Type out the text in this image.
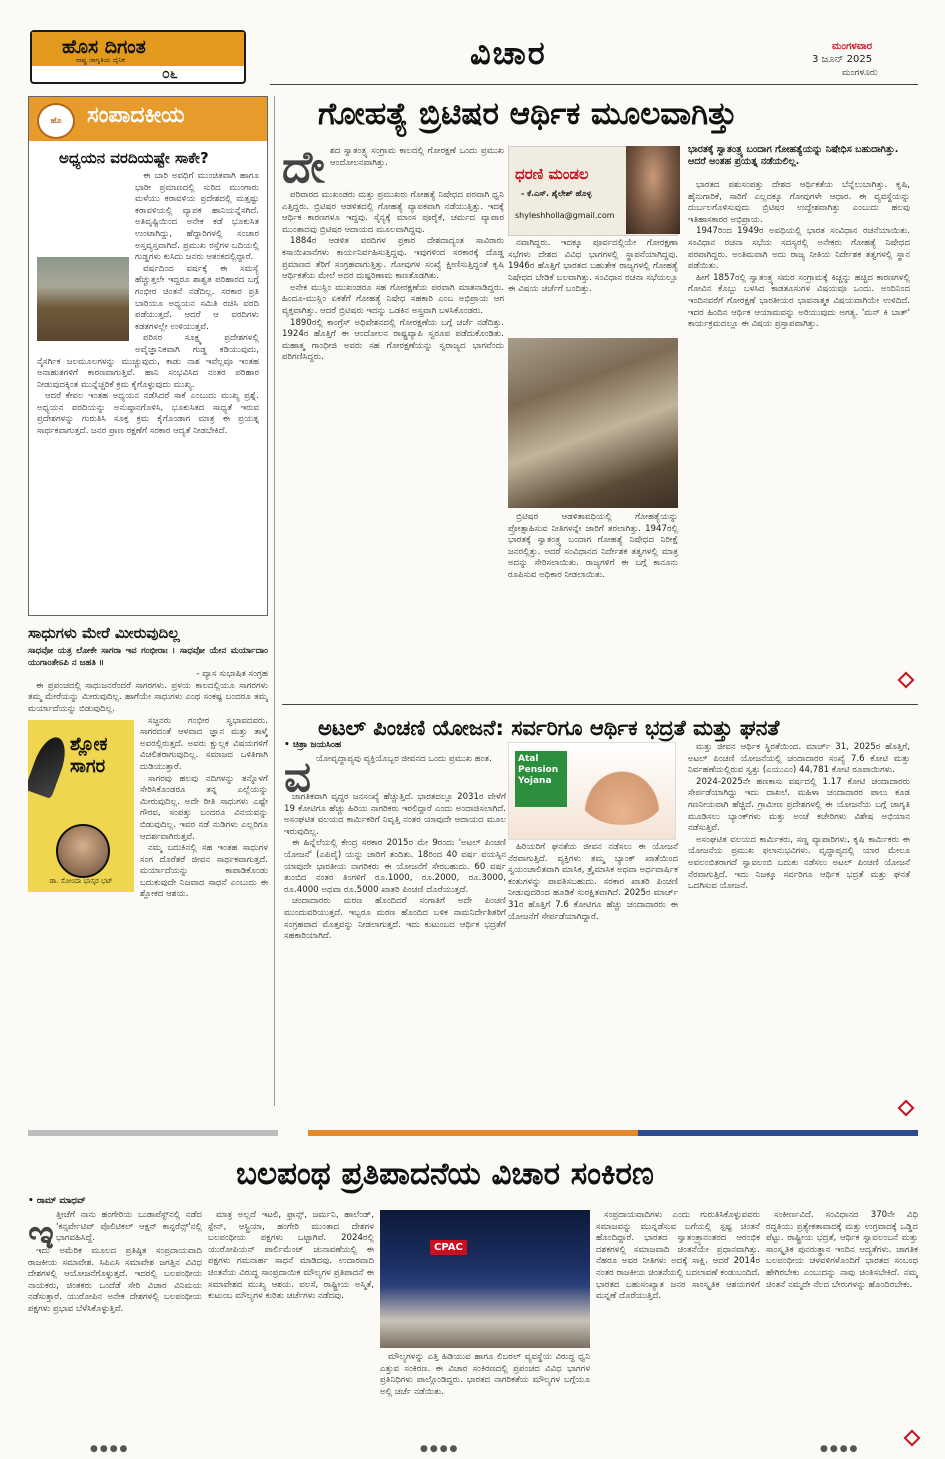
ಹೊಸ ದಿಗಂತ
ರಾಷ್ಟ್ರ ಜಾಗೃತಿಯ ದೈನಿಕ
೦೬
ವಿಚಾರ	ಮಂಗಳವಾರ
3 ಜೂನ್ 2025
ಮಂಗಳೂರು
ಹೊ	ಸಂಪಾದಕೀಯ
ಅಧ್ಯಯನ ವರದಿಯಷ್ಟೇ ಸಾಕೇ?

ಈ ಬಾರಿ ಅವಧಿಗೆ ಮುಂಚಿತವಾಗಿ ಹಾಗೂ ಭಾರೀ ಪ್ರಮಾಣದಲ್ಲಿ ಸುರಿದ ಮುಂಗಾರು ಮಳೆಯು ಕರಾವಳಿಯ ಪ್ರದೇಶದಲ್ಲಿ ಮತ್ತಷ್ಟು ಕರಾವಳಿಯಲ್ಲಿ ವ್ಯಾಪಕ ಹಾನಿಯನ್ನೆಸಗಿದೆ. ಅತಿವೃಷ್ಟಿಯಿಂದ ಅನೇಕ ಕಡೆ ಭೂಕುಸಿತ ಉಂಟಾಗಿದ್ದು, ಹೆದ್ದಾರಿಗಳಲ್ಲಿ ಸಂಚಾರ ಅಸ್ತವ್ಯಸ್ತವಾಗಿದೆ. ಪ್ರಮುಖ ರಸ್ತೆಗಳ ಬದಿಯಲ್ಲಿ ಗುಡ್ಡಗಳು ಕುಸಿದು ಜನರು ಆತಂಕದಲ್ಲಿದ್ದಾರೆ.

ವರ್ಷದಿಂದ ವರ್ಷಕ್ಕೆ ಈ ಸಮಸ್ಯೆ ಹೆಚ್ಚುತ್ತಲೇ ಇದ್ದರೂ ಶಾಶ್ವತ ಪರಿಹಾರದ ಬಗ್ಗೆ ಗಂಭೀರ ಚಿಂತನೆ ನಡೆದಿಲ್ಲ. ಸರಕಾರ ಪ್ರತಿ ಬಾರಿಯೂ ಅಧ್ಯಯನ ಸಮಿತಿ ರಚಿಸಿ ವರದಿ ಪಡೆಯುತ್ತದೆ. ಆದರೆ ಆ ವರದಿಗಳು ಕಡತಗಳಲ್ಲೇ ಉಳಿಯುತ್ತವೆ.

ಪರಿಸರ ಸೂಕ್ಷ್ಮ ಪ್ರದೇಶಗಳಲ್ಲಿ ಅವೈಜ್ಞಾನಿಕವಾಗಿ ಗುಡ್ಡ ಕಡಿಯುವುದು, ನೈಸರ್ಗಿಕ ಜಲಮೂಲಗಳನ್ನು ಮುಚ್ಚುವುದು, ಕಾಡು ನಾಶ ಇವೆಲ್ಲವೂ ಇಂತಹ ಅನಾಹುತಗಳಿಗೆ ಕಾರಣವಾಗುತ್ತಿವೆ. ಹಾನಿ ಸಂಭವಿಸಿದ ನಂತರ ಪರಿಹಾರ ನೀಡುವುದಕ್ಕಿಂತ ಮುನ್ನೆಚ್ಚರಿಕೆ ಕ್ರಮ ಕೈಗೊಳ್ಳುವುದು ಮುಖ್ಯ.

ಆದರೆ ಕೇವಲ ಇಂತಹ ಅಧ್ಯಯನ ನಡೆಸಿದರೆ ಸಾಕೆ ಎಂಬುದು ಮುಖ್ಯ ಪ್ರಶ್ನೆ. ಅಧ್ಯಯನ ವರದಿಯನ್ನು ಅನುಷ್ಠಾನಗೊಳಿಸಿ, ಭೂಕುಸಿತದ ಸಾಧ್ಯತೆ ಇರುವ ಪ್ರದೇಶಗಳನ್ನು ಗುರುತಿಸಿ ಸೂಕ್ತ ಕ್ರಮ ಕೈಗೊಂಡಾಗ ಮಾತ್ರ ಈ ಪ್ರಯತ್ನ ಸಾರ್ಥಕವಾಗುತ್ತದೆ. ಜನರ ಪ್ರಾಣ ರಕ್ಷಣೆಗೆ ಸರಕಾರ ಆದ್ಯತೆ ನೀಡಬೇಕಿದೆ.

ಸಾಧುಗಳು ಮೇರೆ ಮೀರುವುದಿಲ್ಲ

ಸಾಧವೋ ಯತ್ರ ಲೋಕೇ ಸಾಗರಾ ಇವ ಗಂಭೀರಾಃ । ಸಾಧವೋ ಯೇನ ಮರ್ಯಾದಾಂ ಯುಗಾಂತೇಽಪಿ ನ ಜಹತಿ ॥

- ವ್ಯಾಸ ಸುಭಾಷಿತ ಸಂಗ್ರಹ

ಈ ಪ್ರಪಂಚದಲ್ಲಿ ಸಾಧುಜನರೆಂದರೆ ಸಾಗರಗಳು. ಪ್ರಳಯ ಕಾಲದಲ್ಲಿಯೂ ಸಾಗರಗಳು ತಮ್ಮ ಮೇರೆಯನ್ನು ಮೀರುವುದಿಲ್ಲ. ಹಾಗೆಯೇ ಸಾಧುಗಳು ಎಂಥ ಸಂಕಷ್ಟ ಬಂದರೂ ತಮ್ಮ ಮರ್ಯಾದೆಯನ್ನು ಬಿಡುವುದಿಲ್ಲ.

ಶ್ಲೋಕ ಸಾಗರ
ಡಾ. ಸೋಂದಾ ಭಾಸ್ಕರ ಭಟ್

ಸಜ್ಜನರು ಗಂಭೀರ ಸ್ವಭಾವದವರು. ಸಾಗರದಂತೆ ಆಳವಾದ ಜ್ಞಾನ ಮತ್ತು ತಾಳ್ಮೆ ಅವರಲ್ಲಿರುತ್ತದೆ. ಅವರು ಕ್ಷುಲ್ಲಕ ವಿಷಯಗಳಿಗೆ ವಿಚಲಿತರಾಗುವುದಿಲ್ಲ. ಸಮಾಜದ ಒಳಿತಿಗಾಗಿ ದುಡಿಯುತ್ತಾರೆ.

ಸಾಗರವು ಹಲವು ನದಿಗಳನ್ನು ತನ್ನೊಳಗೆ ಸೇರಿಸಿಕೊಂಡರೂ ತನ್ನ ಎಲ್ಲೆಯನ್ನು ಮೀರುವುದಿಲ್ಲ. ಅದೇ ರೀತಿ ಸಾಧುಗಳು ಎಷ್ಟೇ ಗೌರವ, ಸಂಪತ್ತು ಬಂದರೂ ವಿನಯವನ್ನು ಬಿಡುವುದಿಲ್ಲ. ಇವರ ನಡೆ ನುಡಿಗಳು ಎಲ್ಲರಿಗೂ ಆದರ್ಶವಾಗಿರುತ್ತವೆ.

ನಮ್ಮ ಬದುಕಿನಲ್ಲಿ ಸಹ ಇಂತಹ ಸಾಧುಗಳ ಸಂಗ ದೊರೆತರೆ ಜೀವನ ಸಾರ್ಥಕವಾಗುತ್ತದೆ. ಮರ್ಯಾದೆಯನ್ನು ಕಾಪಾಡಿಕೊಂಡು ಬದುಕುವುದೇ ನಿಜವಾದ ಸಾಧನೆ ಎಂಬುದು ಈ ಶ್ಲೋಕದ ಆಶಯ.

ಗೋಹತ್ಯೆ ಬ್ರಿಟಿಷರ ಆರ್ಥಿಕ ಮೂಲವಾಗಿತ್ತು
ದೇ ಶದ ಸ್ವಾತಂತ್ರ್ಯ ಸಂಗ್ರಾಮ ಕಾಲದಲ್ಲಿ ಗೋರಕ್ಷಣೆ ಒಂದು ಪ್ರಮುಖ ಆಂದೋಲನವಾಗಿತ್ತು.

ಪರಿವಾರದ ಮುಖಂಡರು ಮತ್ತು ಪ್ರಮುಖರು ಗೋಹತ್ಯೆ ನಿಷೇಧದ ಪರವಾಗಿ ಧ್ವನಿ ಎತ್ತಿದ್ದರು. ಬ್ರಿಟಿಷರ ಆಡಳಿತದಲ್ಲಿ ಗೋಹತ್ಯೆ ವ್ಯಾಪಕವಾಗಿ ನಡೆಯುತ್ತಿತ್ತು. ಇದಕ್ಕೆ ಆರ್ಥಿಕ ಕಾರಣಗಳೂ ಇದ್ದವು. ಸೈನ್ಯಕ್ಕೆ ಮಾಂಸ ಪೂರೈಕೆ, ಚರ್ಮದ ವ್ಯಾಪಾರ ಮುಂತಾದವು ಬ್ರಿಟಿಷರ ಆದಾಯದ ಮೂಲವಾಗಿದ್ದವು.

1884ರ ಆಡಳಿತ ವರದಿಗಳ ಪ್ರಕಾರ ದೇಶದಾದ್ಯಂತ ಸಾವಿರಾರು ಕಸಾಯಿಖಾನೆಗಳು ಕಾರ್ಯನಿರ್ವಹಿಸುತ್ತಿದ್ದವು. ಇವುಗಳಿಂದ ಸರಕಾರಕ್ಕೆ ದೊಡ್ಡ ಪ್ರಮಾಣದ ತೆರಿಗೆ ಸಂಗ್ರಹವಾಗುತ್ತಿತ್ತು. ಗೋವುಗಳ ಸಂಖ್ಯೆ ಕ್ಷೀಣಿಸುತ್ತಿದ್ದಂತೆ ಕೃಷಿ ಆರ್ಥಿಕತೆಯ ಮೇಲೆ ಅದರ ದುಷ್ಪರಿಣಾಮ ಕಾಣತೊಡಗಿತು.

ಅನೇಕ ಮುಸ್ಲಿಂ ಮುಖಂಡರೂ ಸಹ ಗೋರಕ್ಷಣೆಯ ಪರವಾಗಿ ಮಾತನಾಡಿದ್ದರು. ಹಿಂದೂ-ಮುಸ್ಲಿಂ ಏಕತೆಗೆ ಗೋಹತ್ಯೆ ನಿಷೇಧ ಸಹಕಾರಿ ಎಂಬ ಅಭಿಪ್ರಾಯ ಆಗ ವ್ಯಕ್ತವಾಗಿತ್ತು. ಆದರೆ ಬ್ರಿಟಿಷರು ಇದನ್ನು ಒಡಕಿನ ಅಸ್ತ್ರವಾಗಿ ಬಳಸಿಕೊಂಡರು.

1890ರಲ್ಲಿ ಕಾಂಗ್ರೆಸ್ ಅಧಿವೇಶನದಲ್ಲಿ ಗೋರಕ್ಷಣೆಯ ಬಗ್ಗೆ ಚರ್ಚೆ ನಡೆದಿತ್ತು. 1924ರ ಹೊತ್ತಿಗೆ ಈ ಆಂದೋಲನ ರಾಷ್ಟ್ರವ್ಯಾಪಿ ಸ್ವರೂಪ ಪಡೆದುಕೊಂಡಿತು. ಮಹಾತ್ಮ ಗಾಂಧೀಜಿ ಅವರು ಸಹ ಗೋರಕ್ಷಣೆಯನ್ನು ಸ್ವರಾಜ್ಯದ ಭಾಗವೆಂದು ಪರಿಗಣಿಸಿದ್ದರು.

ಧರಣಿ ಮಂಡಲ
- ಕೆ.ಎಸ್. ಶೈಲೇಶ್ ಹೊಳ್ಳ
shyleshholla@gmail.com

ನವಾಗಿದ್ದರು. ಇದಕ್ಕೂ ಪೂರ್ವದಲ್ಲಿಯೇ ಗೋರಕ್ಷಣಾ ಸಭೆಗಳು ದೇಶದ ವಿವಿಧ ಭಾಗಗಳಲ್ಲಿ ಸ್ಥಾಪನೆಯಾಗಿದ್ದವು. 1946ರ ಹೊತ್ತಿಗೆ ಭಾರತದ ಬಹುತೇಕ ರಾಜ್ಯಗಳಲ್ಲಿ ಗೋಹತ್ಯೆ ನಿಷೇಧದ ಬೇಡಿಕೆ ಬಲವಾಗಿತ್ತು. ಸಂವಿಧಾನ ರಚನಾ ಸಭೆಯಲ್ಲೂ ಈ ವಿಷಯ ಚರ್ಚೆಗೆ ಬಂದಿತ್ತು.

ಬ್ರಿಟಿಷರ ಆಡಳಿತಾವಧಿಯಲ್ಲಿ ಗೋಹತ್ಯೆಯನ್ನು ಪ್ರೋತ್ಸಾಹಿಸುವ ನೀತಿಗಳನ್ನೇ ಜಾರಿಗೆ ತರಲಾಗಿತ್ತು. 1947ರಲ್ಲಿ ಭಾರತಕ್ಕೆ ಸ್ವಾತಂತ್ರ್ಯ ಬಂದಾಗ ಗೋಹತ್ಯೆ ನಿಷೇಧದ ನಿರೀಕ್ಷೆ ಜನರಲ್ಲಿತ್ತು. ಆದರೆ ಸಂವಿಧಾನದ ನಿರ್ದೇಶಕ ತತ್ವಗಳಲ್ಲಿ ಮಾತ್ರ ಅದನ್ನು ಸೇರಿಸಲಾಯಿತು. ರಾಜ್ಯಗಳಿಗೆ ಈ ಬಗ್ಗೆ ಕಾನೂನು ರೂಪಿಸುವ ಅಧಿಕಾರ ನೀಡಲಾಯಿತು.

ಭಾರತಕ್ಕೆ ಸ್ವಾತಂತ್ರ್ಯ ಬಂದಾಗ ಗೋಹತ್ಯೆಯನ್ನು ನಿಷೇಧಿಸ ಬಹುದಾಗಿತ್ತು. ಆದರೆ ಅಂತಹ ಪ್ರಯತ್ನ ನಡೆಯಲಿಲ್ಲ.

ಭಾರತದ ಪಶುಸಂಪತ್ತು ದೇಶದ ಆರ್ಥಿಕತೆಯ ಬೆನ್ನೆಲುಬಾಗಿತ್ತು. ಕೃಷಿ, ಹೈನುಗಾರಿಕೆ, ಸಾರಿಗೆ ಎಲ್ಲದಕ್ಕೂ ಗೋವುಗಳೇ ಆಧಾರ. ಈ ವ್ಯವಸ್ಥೆಯನ್ನು ದುರ್ಬಲಗೊಳಿಸುವುದು ಬ್ರಿಟಿಷರ ಉದ್ದೇಶವಾಗಿತ್ತು ಎಂಬುದು ಹಲವು ಇತಿಹಾಸಕಾರರ ಅಭಿಪ್ರಾಯ.

1947ರಿಂದ 1949ರ ಅವಧಿಯಲ್ಲಿ ಭಾರತ ಸಂವಿಧಾನ ರಚನೆಯಾಯಿತು. ಸಂವಿಧಾನ ರಚನಾ ಸಭೆಯ ಸದಸ್ಯರಲ್ಲಿ ಅನೇಕರು ಗೋಹತ್ಯೆ ನಿಷೇಧದ ಪರವಾಗಿದ್ದರು. ಅಂತಿಮವಾಗಿ ಅದು ರಾಜ್ಯ ನೀತಿಯ ನಿರ್ದೇಶಕ ತತ್ವಗಳಲ್ಲಿ ಸ್ಥಾನ ಪಡೆಯಿತು.

ಹೀಗೆ 1857ರಲ್ಲಿ ಸ್ವಾತಂತ್ರ್ಯ ಸಮರ ಸಂಗ್ರಾಮಕ್ಕೆ ಕಿಚ್ಚನ್ನು ಹಚ್ಚಿದ ಕಾರಣಗಳಲ್ಲಿ ಗೋವಿನ ಕೊಬ್ಬು ಬಳಸಿದ ಕಾಡತೂಸುಗಳ ವಿಷಯವೂ ಒಂದು. ಅಂದಿನಿಂದ ಇಂದಿನವರೆಗೆ ಗೋರಕ್ಷಣೆ ಭಾರತೀಯರ ಭಾವನಾತ್ಮಕ ವಿಷಯವಾಗಿಯೇ ಉಳಿದಿದೆ. ಇದರ ಹಿಂದಿನ ಆರ್ಥಿಕ ಆಯಾಮವನ್ನು ಅರಿಯುವುದು ಅಗತ್ಯ. 'ಮನ್ ಕಿ ಬಾತ್' ಕಾರ್ಯಕ್ರಮದಲ್ಲೂ ಈ ವಿಷಯ ಪ್ರಸ್ತಾಪವಾಗಿತ್ತು.

ಅಟಲ್ ಪಿಂಚಣಿ ಯೋಜನೆ: ಸರ್ವರಿಗೂ ಆರ್ಥಿಕ ಭದ್ರತೆ ಮತ್ತು ಘನತೆ
• ಚಿತ್ರಾ ಜಯಸಿಂಹ
ವ ಯೋವೃದ್ಧಾಪ್ಯವು ವ್ಯಕ್ತಿಯೊಬ್ಬರ ಜೀವನದ ಒಂದು ಪ್ರಮುಖ ಹಂತ.

ಜಾಗತಿಕವಾಗಿ ವೃದ್ಧರ ಜನಸಂಖ್ಯೆ ಹೆಚ್ಚುತ್ತಿದೆ. ಭಾರತದಲ್ಲೂ 2031ರ ವೇಳೆಗೆ 19 ಕೋಟಿಗೂ ಹೆಚ್ಚು ಹಿರಿಯ ನಾಗರಿಕರು ಇರಲಿದ್ದಾರೆ ಎಂದು ಅಂದಾಜಿಸಲಾಗಿದೆ. ಅಸಂಘಟಿತ ವಲಯದ ಕಾರ್ಮಿಕರಿಗೆ ನಿವೃತ್ತಿ ನಂತರ ಯಾವುದೇ ಆದಾಯದ ಮೂಲ ಇರುವುದಿಲ್ಲ.

ಈ ಹಿನ್ನೆಲೆಯಲ್ಲಿ ಕೇಂದ್ರ ಸರಕಾರ 2015ರ ಮೇ 9ರಂದು 'ಅಟಲ್ ಪಿಂಚಣಿ ಯೋಜನೆ' (ಎಪಿವೈ) ಯನ್ನು ಜಾರಿಗೆ ತಂದಿತು. 18ರಿಂದ 40 ವರ್ಷ ವಯಸ್ಸಿನ ಯಾವುದೇ ಭಾರತೀಯ ನಾಗರಿಕರು ಈ ಯೋಜನೆಗೆ ಸೇರಬಹುದು. 60 ವರ್ಷ ತುಂಬಿದ ನಂತರ ತಿಂಗಳಿಗೆ ರೂ.1000, ರೂ.2000, ರೂ.3000, ರೂ.4000 ಅಥವಾ ರೂ.5000 ಖಾತರಿ ಪಿಂಚಣಿ ದೊರೆಯುತ್ತದೆ.

ಚಂದಾದಾರರು ಮರಣ ಹೊಂದಿದರೆ ಸಂಗಾತಿಗೆ ಅದೇ ಪಿಂಚಣಿ ಮುಂದುವರಿಯುತ್ತದೆ. ಇಬ್ಬರೂ ಮರಣ ಹೊಂದಿದ ಬಳಿಕ ನಾಮನಿರ್ದೇಶಿತರಿಗೆ ಸಂಗ್ರಹವಾದ ಮೊತ್ತವನ್ನು ನೀಡಲಾಗುತ್ತದೆ. ಇದು ಕುಟುಂಬದ ಆರ್ಥಿಕ ಭದ್ರತೆಗೆ ಸಹಕಾರಿಯಾಗಿದೆ.

Atal Pension Yojana

ಹಿರಿಯರಿಗೆ ಘನತೆಯ ಜೀವನ ನಡೆಸಲು ಈ ಯೋಜನೆ ನೆರವಾಗುತ್ತಿದೆ. ವ್ಯಕ್ತಿಗಳು ತಮ್ಮ ಬ್ಯಾಂಕ್ ಖಾತೆಯಿಂದ ಸ್ವಯಂಚಾಲಿತವಾಗಿ ಮಾಸಿಕ, ತ್ರೈಮಾಸಿಕ ಅಥವಾ ಅರ್ಧವಾರ್ಷಿಕ ಕಂತುಗಳನ್ನು ಪಾವತಿಸಬಹುದು. ಸರಕಾರ ಖಾತರಿ ಪಿಂಚಣಿ ನೀಡುವುದರಿಂದ ಹೂಡಿಕೆ ಸುರಕ್ಷಿತವಾಗಿದೆ. 2025ರ ಮಾರ್ಚ್ 31ರ ಹೊತ್ತಿಗೆ 7.6 ಕೋಟಿಗೂ ಹೆಚ್ಚು ಚಂದಾದಾರರು ಈ ಯೋಜನೆಗೆ ಸೇರ್ಪಡೆಯಾಗಿದ್ದಾರೆ.

ಮತ್ತು ಜೀವನ ಆರ್ಥಿಕ ಸ್ಥಿರತೆಯಿಂದ. ಮಾರ್ಚ್ 31, 2025ರ ಹೊತ್ತಿಗೆ, ಅಟಲ್ ಪಿಂಚಣಿ ಯೋಜನೆಯಲ್ಲಿ ಚಂದಾದಾರರ ಸಂಖ್ಯೆ 7.6 ಕೋಟಿ ಮತ್ತು ನಿರ್ವಹಣೆಯಲ್ಲಿರುವ ಸ್ವತ್ತು (ಎಯುಎಂ) 44,781 ಕೋಟಿ ರೂಪಾಯಿಗಳು.

2024-2025ನೇ ಹಣಕಾಸು ವರ್ಷದಲ್ಲಿ 1.17 ಕೋಟಿ ಚಂದಾದಾರರು ಸೇರ್ಪಡೆಯಾಗಿದ್ದು ಇದು ದಾಖಲೆ. ಮಹಿಳಾ ಚಂದಾದಾರರ ಪಾಲು ಕೂಡ ಗಣನೀಯವಾಗಿ ಹೆಚ್ಚಿದೆ. ಗ್ರಾಮೀಣ ಪ್ರದೇಶಗಳಲ್ಲಿ ಈ ಯೋಜನೆಯ ಬಗ್ಗೆ ಜಾಗೃತಿ ಮೂಡಿಸಲು ಬ್ಯಾಂಕ್‌ಗಳು ಮತ್ತು ಅಂಚೆ ಕಚೇರಿಗಳು ವಿಶೇಷ ಅಭಿಯಾನ ನಡೆಸುತ್ತಿವೆ.

ಅಸಂಘಟಿತ ವಲಯದ ಕಾರ್ಮಿಕರು, ಸಣ್ಣ ವ್ಯಾಪಾರಿಗಳು, ಕೃಷಿ ಕಾರ್ಮಿಕರು ಈ ಯೋಜನೆಯ ಪ್ರಮುಖ ಫಲಾನುಭವಿಗಳು. ವೃದ್ಧಾಪ್ಯದಲ್ಲಿ ಯಾರ ಮೇಲೂ ಅವಲಂಬಿತರಾಗದೆ ಸ್ವಾವಲಂಬಿ ಬದುಕು ನಡೆಸಲು ಅಟಲ್ ಪಿಂಚಣಿ ಯೋಜನೆ ನೆರವಾಗುತ್ತಿದೆ. ಇದು ನಿಜಕ್ಕೂ ಸರ್ವರಿಗೂ ಆರ್ಥಿಕ ಭದ್ರತೆ ಮತ್ತು ಘನತೆ ಒದಗಿಸುವ ಯೋಜನೆ.

ಬಲಪಂಥ ಪ್ರತಿಪಾದನೆಯ ವಿಚಾರ ಸಂಕಿರಣ
• ರಾಮ್ ಮಾಧವ್
ಇ ತ್ತೀಚೆಗೆ ನಾನು ಹಂಗೇರಿಯ ಬುಡಾಪೆಸ್ಟ್‌ನಲ್ಲಿ ನಡೆದ 'ಕನ್ಸರ್ವೇಟಿವ್ ಪೊಲಿಟಿಕಲ್ ಆಕ್ಷನ್ ಕಾನ್ಫರೆನ್ಸ್'ನಲ್ಲಿ ಭಾಗವಹಿಸಿದ್ದೆ.

ಇದು ಅಮೆರಿಕ ಮೂಲದ ಪ್ರತಿಷ್ಠಿತ ಸಂಪ್ರದಾಯವಾದಿ ರಾಜಕೀಯ ಸಮಾವೇಶ. ಸಿಪಿಎಸಿ ಸಮಾವೇಶ ಜಗತ್ತಿನ ವಿವಿಧ ದೇಶಗಳಲ್ಲಿ ಆಯೋಜನೆಗೊಳ್ಳುತ್ತದೆ. ಇದರಲ್ಲಿ ಬಲಪಂಥೀಯ ನಾಯಕರು, ಚಿಂತಕರು ಒಂದೆಡೆ ಸೇರಿ ವಿಚಾರ ವಿನಿಮಯ ನಡೆಸುತ್ತಾರೆ. ಯುರೋಪಿನ ಅನೇಕ ದೇಶಗಳಲ್ಲಿ ಬಲಪಂಥೀಯ ಪಕ್ಷಗಳು ಪ್ರಭಾವ ಬೆಳೆಸಿಕೊಳ್ಳುತ್ತಿವೆ.

ಮಾತ್ರ ಅಲ್ಲದೆ ಇಟಲಿ, ಫ್ರಾನ್ಸ್, ಜರ್ಮನಿ, ಹಾಲೆಂಡ್, ಸ್ಪೇನ್, ಆಸ್ಟ್ರಿಯಾ, ಹಂಗೇರಿ ಮುಂತಾದ ದೇಶಗಳ ಬಲಪಂಥೀಯ ಪಕ್ಷಗಳು ಒಟ್ಟಾಗಿವೆ. 2024ರಲ್ಲಿ ಯುರೋಪಿಯನ್ ಪಾರ್ಲಿಮೆಂಟ್ ಚುನಾವಣೆಯಲ್ಲಿ ಈ ಪಕ್ಷಗಳು ಗಮನಾರ್ಹ ಸಾಧನೆ ಮಾಡಿದವು. ಉದಾರವಾದಿ ಚಿಂತನೆಯ ವಿರುದ್ಧ ಸಾಂಪ್ರದಾಯಿಕ ಮೌಲ್ಯಗಳ ಪ್ರತಿಪಾದನೆ ಈ ಸಮಾವೇಶದ ಮುಖ್ಯ ಆಶಯ. ವಲಸೆ, ರಾಷ್ಟ್ರೀಯ ಅಸ್ಮಿತೆ, ಕುಟುಂಬ ಮೌಲ್ಯಗಳ ಕುರಿತು ಚರ್ಚೆಗಳು ನಡೆದವು.

CPAC

ಮೌಲ್ಯಗಳನ್ನು ಎತ್ತಿ ಹಿಡಿಯುವ ಹಾಗೂ ಲಿಬರಲ್ ವ್ಯವಸ್ಥೆಯ ವಿರುದ್ಧ ಧ್ವನಿ ಎತ್ತುವ ಸಂಕಿರಣ. ಈ ವಿಚಾರ ಸಂಕಿರಣದಲ್ಲಿ ಪ್ರಪಂಚದ ವಿವಿಧ ಭಾಗಗಳ ಪ್ರತಿನಿಧಿಗಳು ಪಾಲ್ಗೊಂಡಿದ್ದರು. ಭಾರತದ ನಾಗರಿಕತೆಯ ಮೌಲ್ಯಗಳ ಬಗ್ಗೆಯೂ ಅಲ್ಲಿ ಚರ್ಚೆ ನಡೆಯಿತು.

ಸಂಪ್ರದಾಯವಾದಿಗಳು ಎಂದು ಗುರುತಿಸಿಕೊಳ್ಳುವವರು ಸಮಾಜವನ್ನು ಮುನ್ನಡೆಸುವ ಬಗೆಯಲ್ಲಿ ಸ್ಪಷ್ಟ ಚಿಂತನೆ ಹೊಂದಿದ್ದಾರೆ. ಭಾರತದ ಸ್ವಾತಂತ್ರ್ಯಾನಂತರದ ಆರಂಭಿಕ ದಶಕಗಳಲ್ಲಿ ಸಮಾಜವಾದಿ ಚಿಂತನೆಯೇ ಪ್ರಧಾನವಾಗಿತ್ತು. ನೆಹರೂ ಅವರ ನೀತಿಗಳು ಅದಕ್ಕೆ ಸಾಕ್ಷಿ. ಆದರೆ 2014ರ ನಂತರ ರಾಜಕೀಯ ಚಿಂತನೆಯಲ್ಲಿ ಬದಲಾವಣೆ ಕಂಡುಬಂದಿದೆ. ಭಾರತದ ಬಹುಸಂಖ್ಯಾತ ಜನರ ಸಾಂಸ್ಕೃತಿಕ ಆಶಯಗಳಿಗೆ ಮನ್ನಣೆ ದೊರೆಯುತ್ತಿದೆ.

ಸಂಕೀರ್ಣವಿದೆ. ಸಂವಿಧಾನದ 370ನೇ ವಿಧಿ ರದ್ದತಿಯು ಪ್ರತ್ಯೇಕತಾವಾದಕ್ಕೆ ಮತ್ತು ಉಗ್ರವಾದಕ್ಕೆ ಒಡ್ಡಿದ ಪೆಟ್ಟು. ರಾಷ್ಟ್ರೀಯ ಭದ್ರತೆ, ಆರ್ಥಿಕ ಸ್ವಾವಲಂಬನೆ ಮತ್ತು ಸಾಂಸ್ಕೃತಿಕ ಪುನರುತ್ಥಾನ ಇಂದಿನ ಆದ್ಯತೆಗಳು. ಜಾಗತಿಕ ಬಲಪಂಥೀಯ ಚಳವಳಿಗಳೊಂದಿಗೆ ಭಾರತದ ಸಂಬಂಧ ಹೇಗಿರಬೇಕು ಎಂಬುದನ್ನು ನಾವು ಚಿಂತಿಸಬೇಕಿದೆ. ನಮ್ಮ ಚಿಂತನೆ ನಮ್ಮದೇ ನೆಲದ ಬೇರುಗಳನ್ನು ಹೊಂದಿರಬೇಕು.

●●●●	●●●●	●●●●
